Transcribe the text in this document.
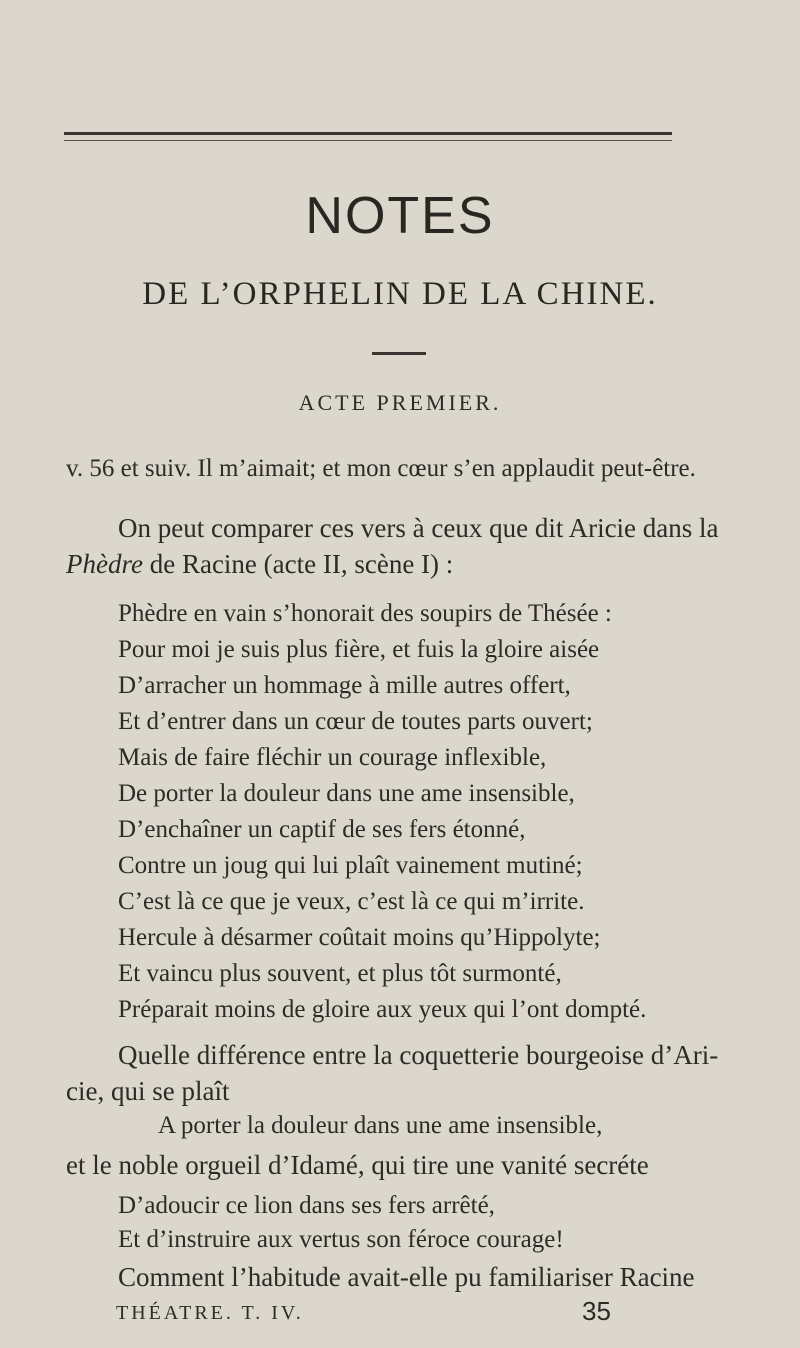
NOTES
DE L’ORPHELIN DE LA CHINE.
ACTE PREMIER.
v. 56 et suiv. Il m’aimait; et mon cœur s’en applaudit peut-être.
On peut comparer ces vers à ceux que dit Aricie dans la
Phèdre de Racine (acte II, scène I) :
Phèdre en vain s’honorait des soupirs de Thésée :
Pour moi je suis plus fière, et fuis la gloire aisée
D’arracher un hommage à mille autres offert,
Et d’entrer dans un cœur de toutes parts ouvert;
Mais de faire fléchir un courage inflexible,
De porter la douleur dans une ame insensible,
D’enchaîner un captif de ses fers étonné,
Contre un joug qui lui plaît vainement mutiné;
C’est là ce que je veux, c’est là ce qui m’irrite.
Hercule à désarmer coûtait moins qu’Hippolyte;
Et vaincu plus souvent, et plus tôt surmonté,
Préparait moins de gloire aux yeux qui l’ont dompté.
Quelle différence entre la coquetterie bourgeoise d’Ari-
cie, qui se plaît
A porter la douleur dans une ame insensible,
et le noble orgueil d’Idamé, qui tire une vanité secréte
D’adoucir ce lion dans ses fers arrêté,
Et d’instruire aux vertus son féroce courage!
Comment l’habitude avait-elle pu familiariser Racine
THÉATRE. T. IV.	35
